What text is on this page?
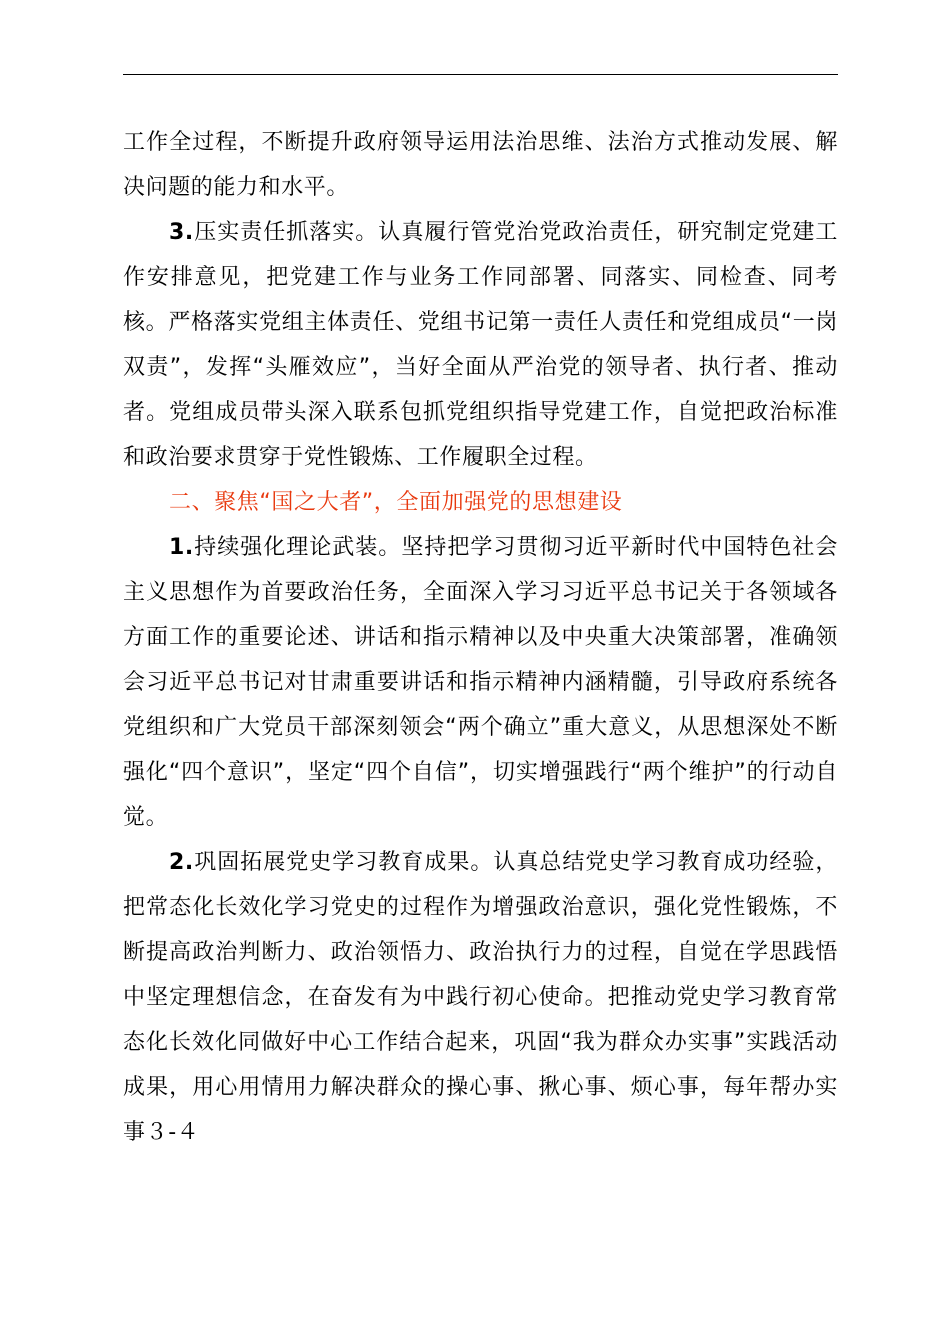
工作全过程，不断提升政府领导运用法治思维、法治方式推动发展、解决问题的能力和水平。

3.压实责任抓落实。认真履行管党治党政治责任，研究制定党建工作安排意见，把党建工作与业务工作同部署、同落实、同检查、同考核。严格落实党组主体责任、党组书记第一责任人责任和党组成员“一岗双责”，发挥“头雁效应”，当好全面从严治党的领导者、执行者、推动者。党组成员带头深入联系包抓党组织指导党建工作，自觉把政治标准和政治要求贯穿于党性锻炼、工作履职全过程。

二、聚焦“国之大者”，全面加强党的思想建设

1.持续强化理论武装。坚持把学习贯彻习近平新时代中国特色社会主义思想作为首要政治任务，全面深入学习习近平总书记关于各领域各方面工作的重要论述、讲话和指示精神以及中央重大决策部署，准确领会习近平总书记对甘肃重要讲话和指示精神内涵精髓，引导政府系统各党组织和广大党员干部深刻领会“两个确立”重大意义，从思想深处不断强化“四个意识”，坚定“四个自信”，切实增强践行“两个维护”的行动自觉。

2.巩固拓展党史学习教育成果。认真总结党史学习教育成功经验，把常态化长效化学习党史的过程作为增强政治意识，强化党性锻炼，不断提高政治判断力、政治领悟力、政治执行力的过程，自觉在学思践悟中坚定理想信念，在奋发有为中践行初心使命。把推动党史学习教育常态化长效化同做好中心工作结合起来，巩固“我为群众办实事”实践活动成果，用心用情用力解决群众的操心事、揪心事、烦心事，每年帮办实事３-４
